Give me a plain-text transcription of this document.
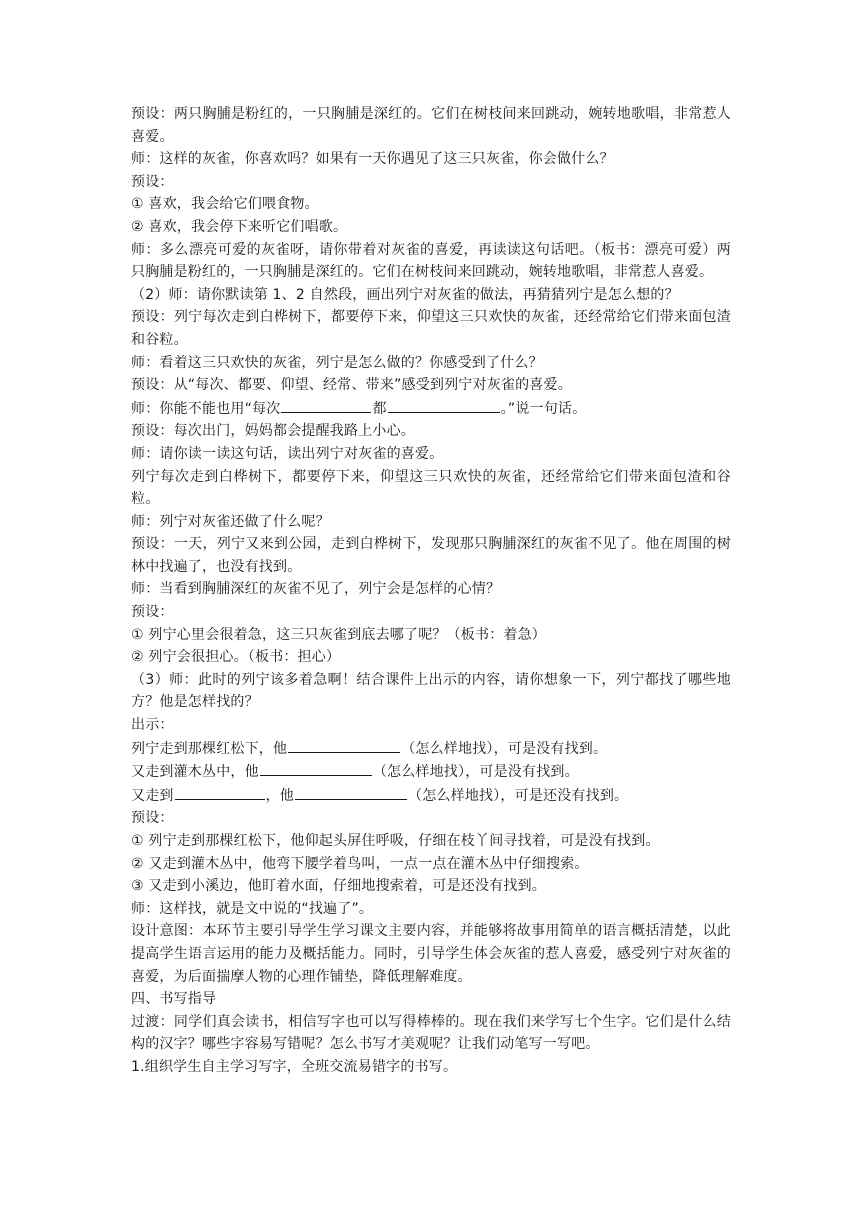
预设：两只胸脯是粉红的，一只胸脯是深红的。它们在树枝间来回跳动，婉转地歌唱，非常惹人喜爱。

师：这样的灰雀，你喜欢吗？如果有一天你遇见了这三只灰雀，你会做什么？

预设：

① 喜欢，我会给它们喂食物。

② 喜欢，我会停下来听它们唱歌。

师：多么漂亮可爱的灰雀呀，请你带着对灰雀的喜爱，再读读这句话吧。（板书：漂亮可爱）两只胸脯是粉红的，一只胸脯是深红的。它们在树枝间来回跳动，婉转地歌唱，非常惹人喜爱。

（2）师：请你默读第 1、2 自然段，画出列宁对灰雀的做法，再猜猜列宁是怎么想的？

预设：列宁每次走到白桦树下，都要停下来，仰望这三只欢快的灰雀，还经常给它们带来面包渣和谷粒。

师：看着这三只欢快的灰雀，列宁是怎么做的？你感受到了什么？

预设：从“每次、都要、仰望、经常、带来”感受到列宁对灰雀的喜爱。

师：你能不能也用“每次	都	。”说一句话。

预设：每次出门，妈妈都会提醒我路上小心。

师：请你读一读这句话，读出列宁对灰雀的喜爱。

列宁每次走到白桦树下，都要停下来，仰望这三只欢快的灰雀，还经常给它们带来面包渣和谷粒。

师：列宁对灰雀还做了什么呢？

预设：一天，列宁又来到公园，走到白桦树下，发现那只胸脯深红的灰雀不见了。他在周围的树林中找遍了，也没有找到。

师：当看到胸脯深红的灰雀不见了，列宁会是怎样的心情？

预设：

① 列宁心里会很着急，这三只灰雀到底去哪了呢？（板书：着急）

② 列宁会很担心。（板书：担心）

（3）师：此时的列宁该多着急啊！结合课件上出示的内容，请你想象一下，列宁都找了哪些地方？他是怎样找的？

出示：

列宁走到那棵红松下，他	（怎么样地找），可是没有找到。

又走到灌木丛中，他	（怎么样地找），可是没有找到。

又走到	，他	（怎么样地找），可是还没有找到。

预设：

① 列宁走到那棵红松下，他仰起头屏住呼吸，仔细在枝丫间寻找着，可是没有找到。

② 又走到灌木丛中，他弯下腰学着鸟叫，一点一点在灌木丛中仔细搜索。

③ 又走到小溪边，他盯着水面，仔细地搜索着，可是还没有找到。

师：这样找，就是文中说的“找遍了”。

设计意图：本环节主要引导学生学习课文主要内容，并能够将故事用简单的语言概括清楚，以此提高学生语言运用的能力及概括能力。同时，引导学生体会灰雀的惹人喜爱，感受列宁对灰雀的喜爱，为后面揣摩人物的心理作铺垫，降低理解难度。

四、书写指导

过渡：同学们真会读书，相信写字也可以写得棒棒的。现在我们来学写七个生字。它们是什么结构的汉字？哪些字容易写错呢？怎么书写才美观呢？让我们动笔写一写吧。

1.组织学生自主学习写字，全班交流易错字的书写。
